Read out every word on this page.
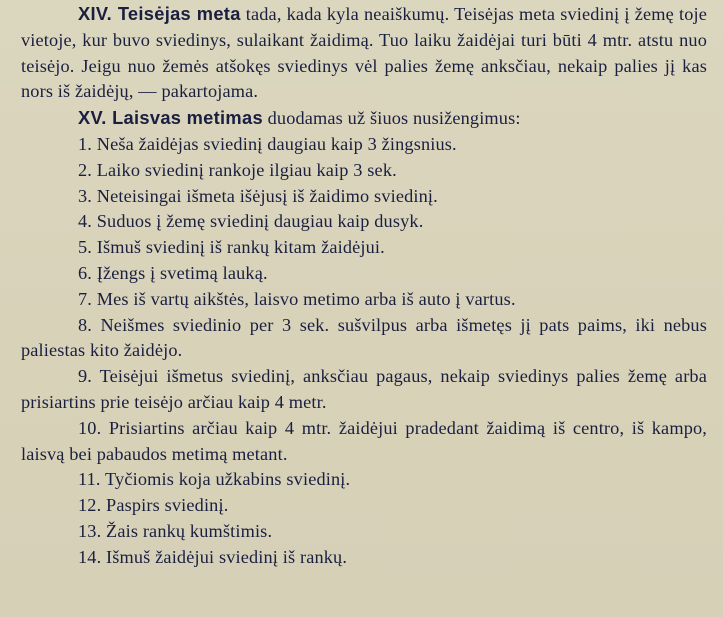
XIV. Teisėjas meta tada, kada kyla neaiškumų. Teisėjas meta sviedinį į žemę toje vietoje, kur buvo sviedinys, sulaikant žaidimą. Tuo laiku žaidėjai turi būti 4 mtr. atstu nuo teisėjo. Jeigu nuo žemės atšokęs sviedinys vėl palies žemę anksčiau, nekaip palies jį kas nors iš žaidėjų, — pakartojama.

XV. Laisvas metimas duodamas už šiuos nusižengimus:

1. Neša žaidėjas sviedinį daugiau kaip 3 žingsnius.

2. Laiko sviedinį rankoje ilgiau kaip 3 sek.

3. Neteisingai išmeta išėjusį iš žaidimo sviedinį.

4. Suduos į žemę sviedinį daugiau kaip dusyk.

5. Išmuš sviedinį iš rankų kitam žaidėjui.

6. Įžengs į svetimą lauką.

7. Mes iš vartų aikštės, laisvo metimo arba iš auto į vartus.

8. Neišmes sviedinio per 3 sek. sušvilpus arba išmetęs jį pats paims, iki nebus paliestas kito žaidėjo.

9. Teisėjui išmetus sviedinį, anksčiau pagaus, nekaip sviedinys palies žemę arba prisiartins prie teisėjo arčiau kaip 4 metr.

10. Prisiartins arčiau kaip 4 mtr. žaidėjui pradedant žaidimą iš centro, iš kampo, laisvą bei pabaudos metimą metant.

11. Tyčiomis koja užkabins sviedinį.

12. Paspirs sviedinį.

13. Žais rankų kumštimis.

14. Išmuš žaidėjui sviedinį iš rankų.
